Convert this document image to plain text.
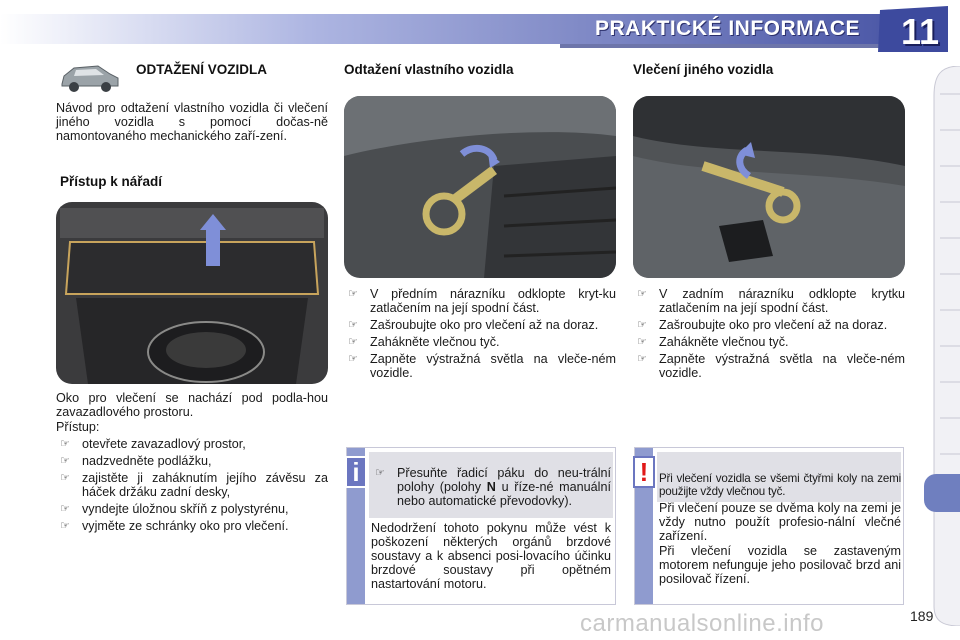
PRAKTICKÉ INFORMACE 11
ODTAŽENÍ VOZIDLA
Návod pro odtažení vlastního vozidla či vlečení jiného vozidla s pomocí dočas-ně namontovaného mechanického zaří-zení.
Přístup k nářadí
Oko pro vlečení se nachází pod podla-hou zavazadlového prostoru.
Přístup:
☞ otevřete zavazadlový prostor,
☞ nadzvedněte podlážku,
☞ zajistěte ji zaháknutím jejího závěsu za háček držáku zadní desky,
☞ vyndejte úložnou skříň z polystyrénu,
☞ vyjměte ze schránky oko pro vlečení.
Odtažení vlastního vozidla
☞ V předním nárazníku odklopte kryt-ku zatlačením na její spodní část.
☞ Zašroubujte oko pro vlečení až na doraz.
☞ Zahákněte vlečnou tyč.
☞ Zapněte výstražná světla na vleče-ném vozidle.
i	☞ Přesuňte řadicí páku do neu-trální polohy (polohy N u říze-né manuální nebo automatické převodovky).
Nedodržení tohoto pokynu může vést k poškození některých orgánů brzdové soustavy a k absenci posi-lovacího účinku brzdové soustavy při opětném nastartování motoru.
Vlečení jiného vozidla
☞ V zadním nárazníku odklopte krytku zatlačením na její spodní část.
☞ Zašroubujte oko pro vlečení až na doraz.
☞ Zahákněte vlečnou tyč.
☞ Zapněte výstražná světla na vleče-ném vozidle.
! Při vlečení vozidla se všemi čtyřmi koly na zemi použijte vždy vlečnou tyč.
Při vlečení pouze se dvěma koly na zemi je vždy nutno použít profesio-nální vlečné zařízení.
Při vlečení vozidla se zastaveným motorem nefunguje jeho posilovač brzd ani posilovač řízení.
carmanualsonline.info	189
